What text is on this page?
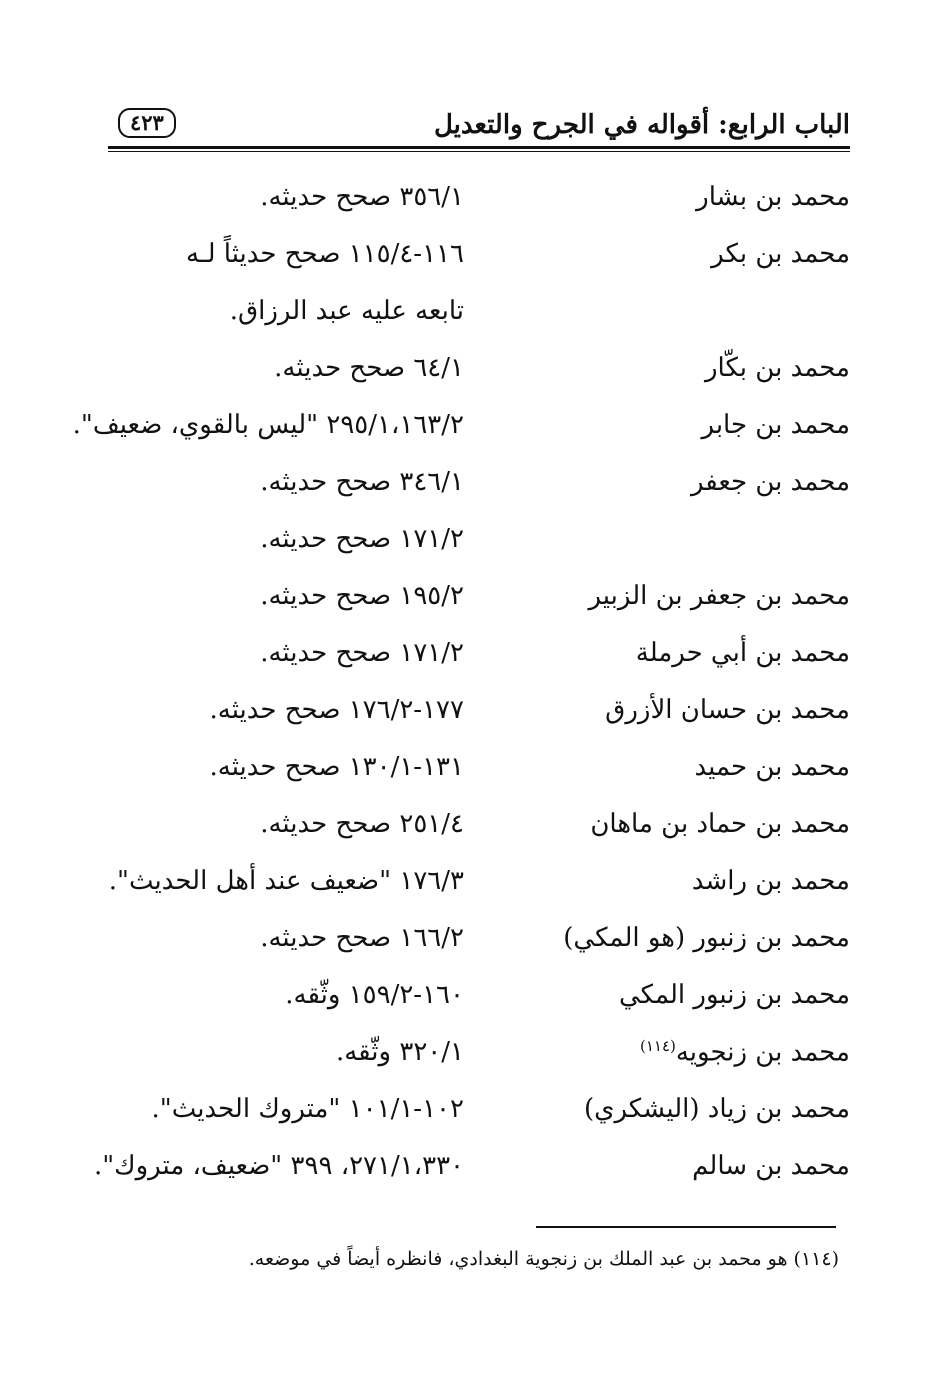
الباب الرابع: أقواله في الجرح والتعديل
٤٢٣
محمد بن بشار
٣٥٦/١ صحح حديثه.
محمد بن بكر
١١٦-١١٥/٤ صحح حديثاً لـه
تابعه عليه عبد الرزاق.
محمد بن بكّار
٦٤/١ صحح حديثه.
محمد بن جابر
٢٩٥/١،١٦٣/٢ "ليس بالقوي، ضعيف".
محمد بن جعفر
٣٤٦/١ صحح حديثه.
١٧١/٢ صحح حديثه.
محمد بن جعفر بن الزبير
١٩٥/٢ صحح حديثه.
محمد بن أبي حرملة
١٧١/٢ صحح حديثه.
محمد بن حسان الأزرق
١٧٧-١٧٦/٢ صحح حديثه.
محمد بن حميد
١٣١-١٣٠/١ صحح حديثه.
محمد بن حماد بن ماهان
٢٥١/٤ صحح حديثه.
محمد بن راشد
١٧٦/٣ "ضعيف عند أهل الحديث".
محمد بن زنبور (هو المكي)
١٦٦/٢ صحح حديثه.
محمد بن زنبور المكي
١٦٠-١٥٩/٢ وثّقه.
محمد بن زنجويه$^{(١١٤)}$
٣٢٠/١ وثّقه.
محمد بن زياد (اليشكري)
١٠٢-١٠١/١ "متروك الحديث".
محمد بن سالم
٢٧١/١،٣٣٠، ٣٩٩ "ضعيف، متروك".
(١١٤) هو محمد بن عبد الملك بن زنجوية البغدادي، فانظره أيضاً في موضعه.
